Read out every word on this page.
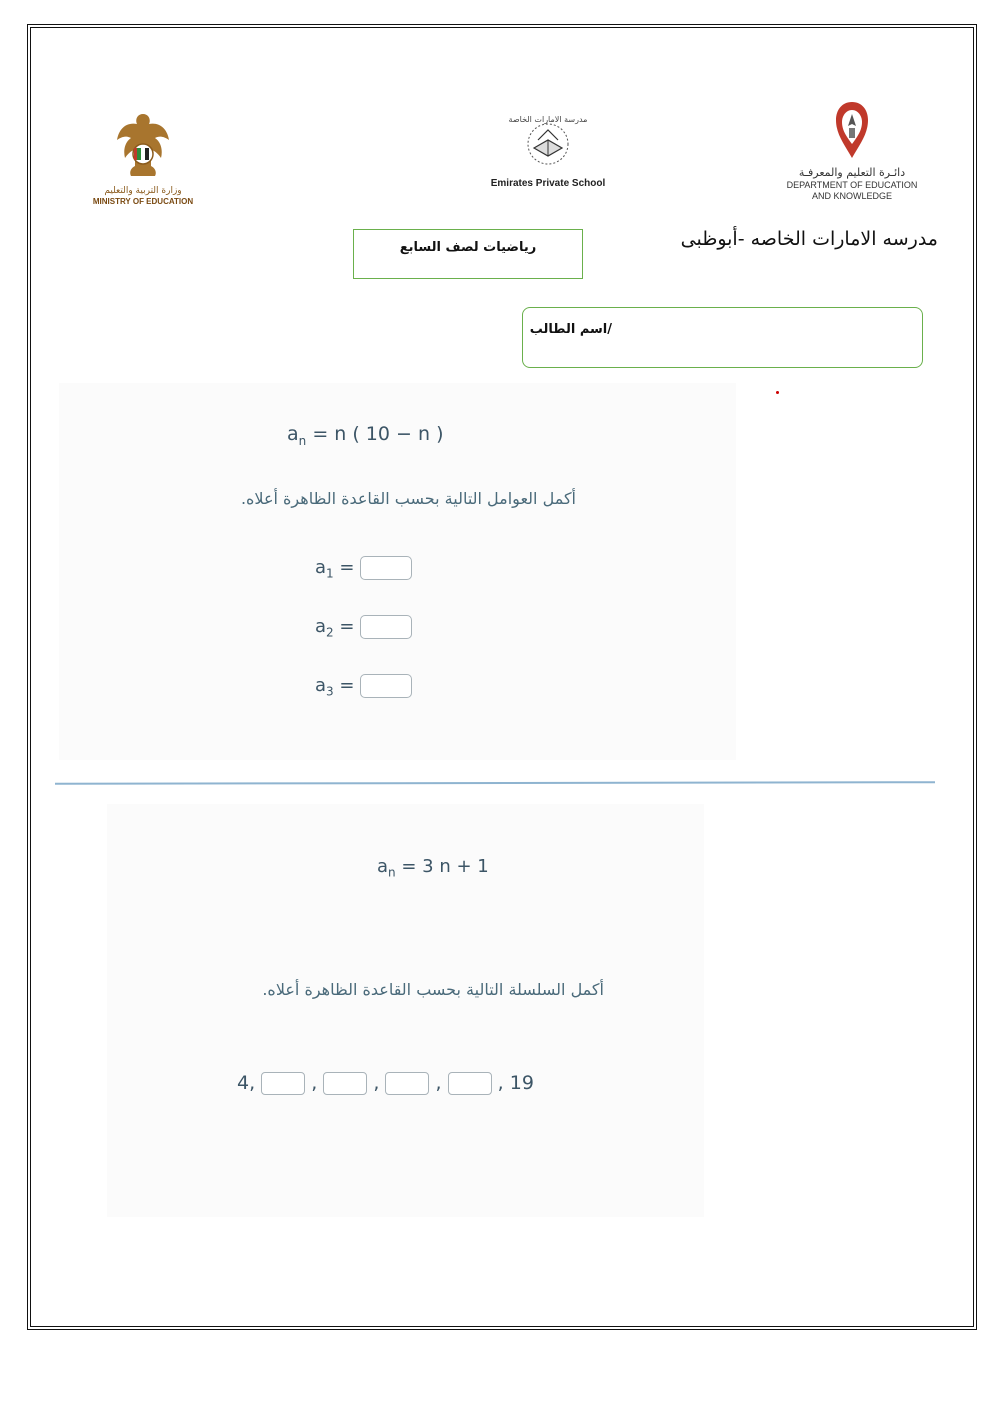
وزارة التربية والتعليم
MINISTRY OF EDUCATION
مدرسة الامارات الخاصة
Emirates Private School
دائـرة التعليم والمعرفـة
DEPARTMENT OF EDUCATION
AND KNOWLEDGE
مدرسه الامارات الخاصه -أبوظبى
رياضيات لصف السابع
/اسم الطالب
$a_n = n$ ( 10 − n )
أكمل العوامل التالية بحسب القاعدة الظاهرة أعلاه.
$a_1$ =
$a_2$ =
$a_3$ =
$a_n = 3$ n + 1
أكمل السلسلة التالية بحسب القاعدة الظاهرة أعلاه.
4,	,	,	,	, 19
